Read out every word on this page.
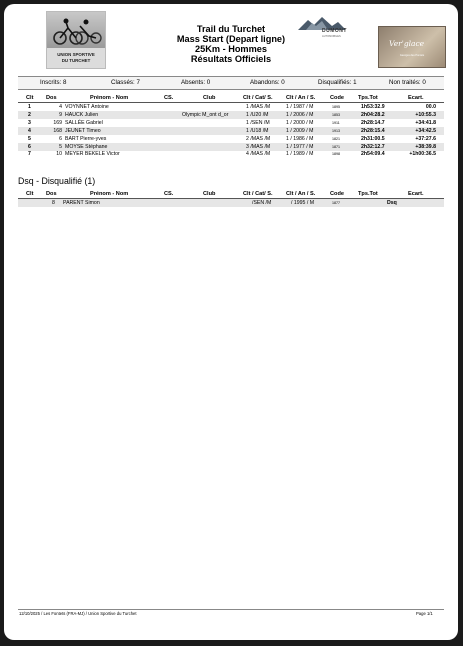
UNION SPORTIVE
DU TURCHET
DUMONT
AUTOMOBILES
Ver'glace
Georges des Pontets
Trail du Turchet
Mass Start (Depart ligne)
25Km - Hommes
Résultats Officiels
Inscrits: 8	Classés: 7	Absents: 0	Abandons: 0	Disqualifiés: 1	Non traités: 0
Clt Dos	Prénom - Nom	CS.	Club	Clt / Cat/ S. Clt / An / S.	Code	Tps.Tot	Ecart.
1	4 VOYNNET Antoine	1 /MAS /M	1 / 1987 / M	1895	1h53:32.9	00.0
2	9 HAUCK Julien	Olympic M_ont d_or	1 /U20 /M	1 / 2006 / M	1853	2h04:28.2	+10:55.3
3	169 SALLÉE Gabriel	1 /SEN /M	1 / 2000 / M	1911	2h28:14.7	+34:41.8
4	168 JEUNET Timeo	1 /U18 /M	1 / 2009 / M	1913	2h28:15.4	+34:42.5
5	6 BART Pierre-yves	2 /MAS /M	1 / 1986 / M	1821	2h31:00.5	+37:27.6
6	5 MOYSE Stéphane	3 /MAS /M	1 / 1977 / M	1871	2h32:12.7	+38:39.8
7	10 MEYER BEKELE Victor	4 /MAS /M	1 / 1989 / M	1898	2h54:09.4	+1h00:36.5
Dsq - Disqualifié (1)
Clt Dos	Prénom - Nom	CS.	Club	Clt / Cat/ S. Clt / An / S.	Code	Tps.Tot	Ecart.
8 PARENT Simon	/SEN /M	/ 1995 / M	1877	Dsq
12/10/2025 / Les Fontets (FRA-MJ) / Union Sportive du Turchet	Page 1/1
